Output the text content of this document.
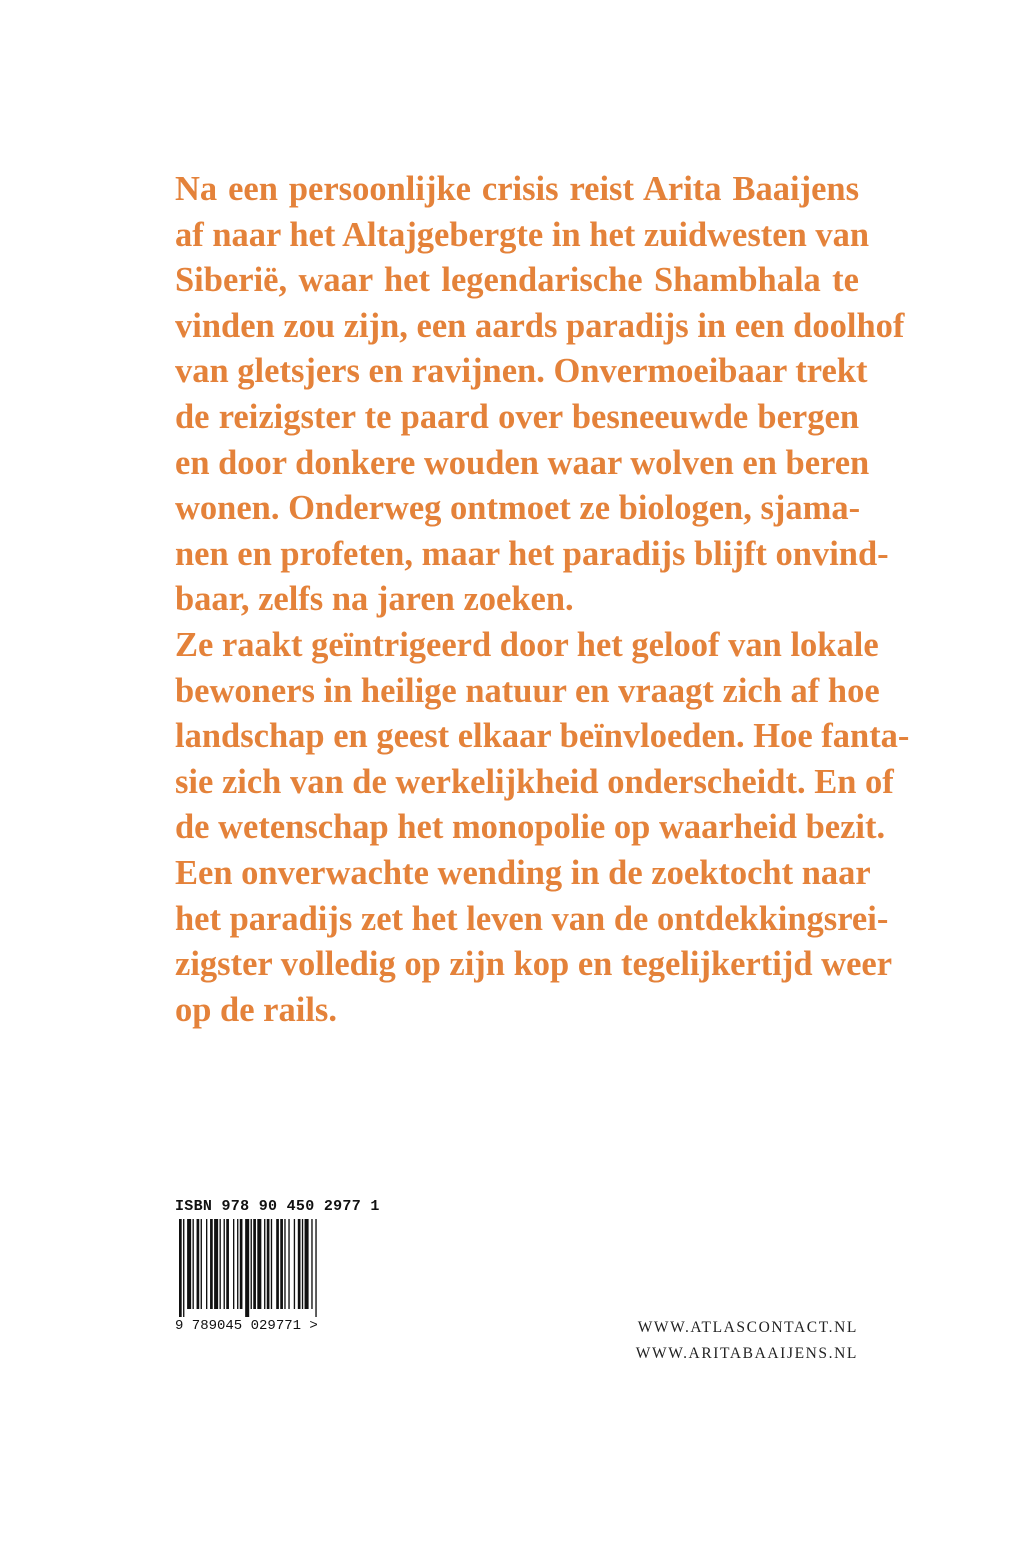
Na een persoonlijke crisis reist Arita Baaijens
af naar het Altajgebergte in het zuidwesten van
Siberië, waar het legendarische Shambhala te
vinden zou zijn, een aards paradijs in een doolhof
van gletsjers en ravijnen. Onvermoeibaar trekt
de reizigster te paard over besneeuwde bergen
en door donkere wouden waar wolven en beren
wonen. Onderweg ontmoet ze biologen, sjama-
nen en profeten, maar het paradijs blijft onvind-
baar, zelfs na jaren zoeken.
Ze raakt geïntrigeerd door het geloof van lokale
bewoners in heilige natuur en vraagt zich af hoe
landschap en geest elkaar beïnvloeden. Hoe fanta-
sie zich van de werkelijkheid onderscheidt. En of
de wetenschap het monopolie op waarheid bezit.
Een onverwachte wending in de zoektocht naar
het paradijs zet het leven van de ontdekkingsrei-
zigster volledig op zijn kop en tegelijkertijd weer
op de rails.
ISBN 978 90 450 2977 1
9 789045 029771 >	WWW.ATLASCONTACT.NL
WWW.ARITABAAIJENS.NL
